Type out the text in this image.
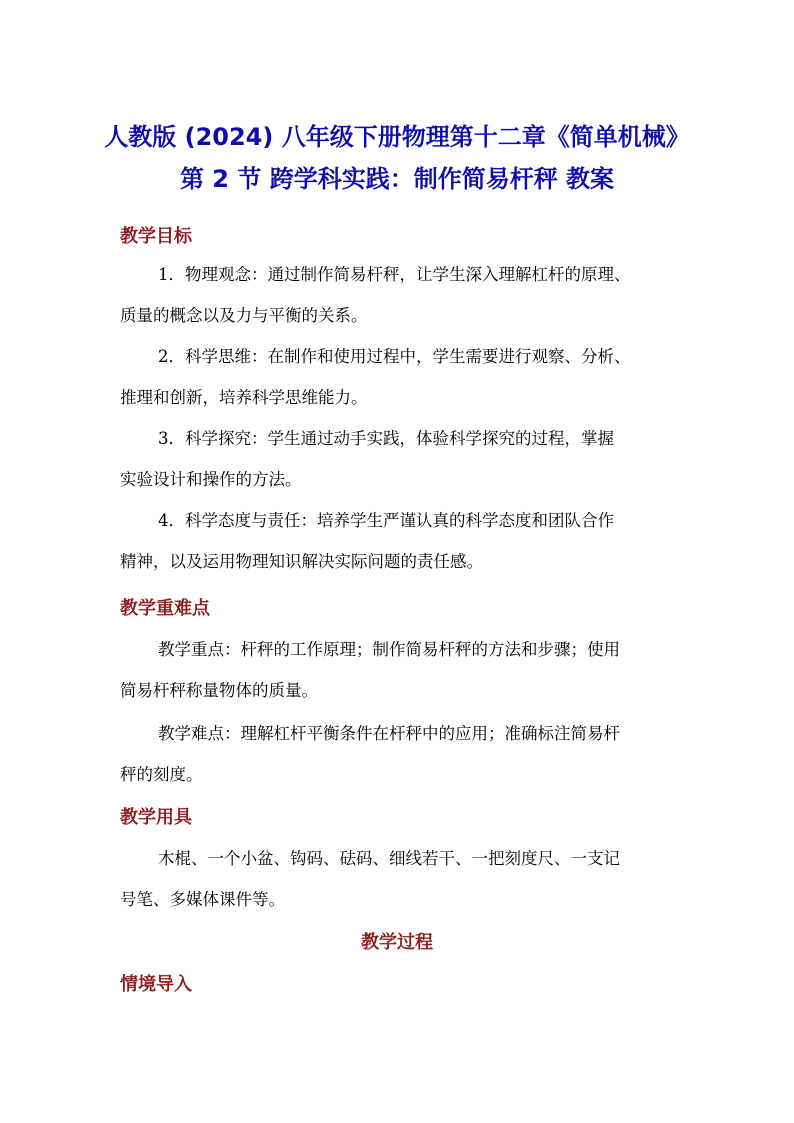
人教版 (2024) 八年级下册物理第十二章《简单机械》
第 2 节 跨学科实践：制作简易杆秤 教案
教学目标
1．物理观念：通过制作简易杆秤，让学生深入理解杠杆的原理、
质量的概念以及力与平衡的关系。
2．科学思维：在制作和使用过程中，学生需要进行观察、分析、
推理和创新，培养科学思维能力。
3．科学探究：学生通过动手实践，体验科学探究的过程，掌握
实验设计和操作的方法。
4．科学态度与责任：培养学生严谨认真的科学态度和团队合作
精神，以及运用物理知识解决实际问题的责任感。
教学重难点
教学重点：杆秤的工作原理；制作简易杆秤的方法和步骤；使用
简易杆秤称量物体的质量。
教学难点：理解杠杆平衡条件在杆秤中的应用；准确标注简易杆
秤的刻度。
教学用具
木棍、一个小盆、钩码、砝码、细线若干、一把刻度尺、一支记
号笔、多媒体课件等。
教学过程
情境导入
